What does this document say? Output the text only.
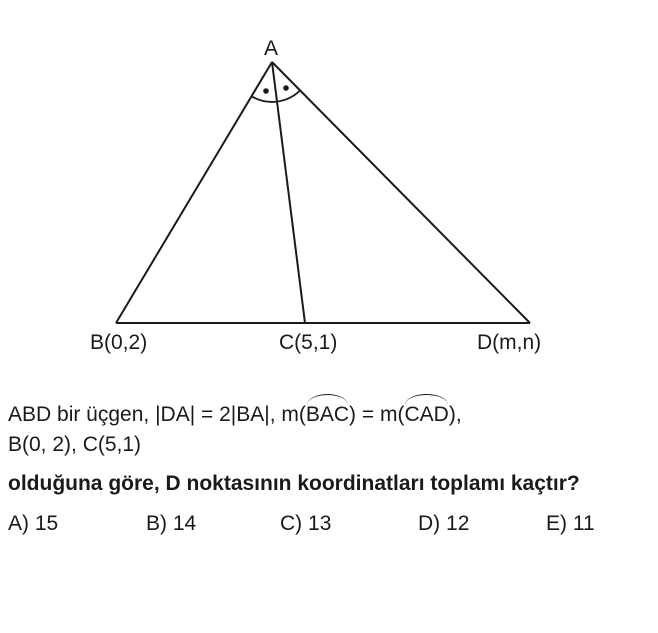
A
B(0,2)	C(5,1)	D(m,n)
ABD bir üçgen, |DA| = 2|BA|, m(BAC) = m(CAD),
B(0, 2), C(5,1)
olduğuna göre, D noktasının koordinatları toplamı kaçtır?
A) 15	B) 14	C) 13	D) 12	E) 11
